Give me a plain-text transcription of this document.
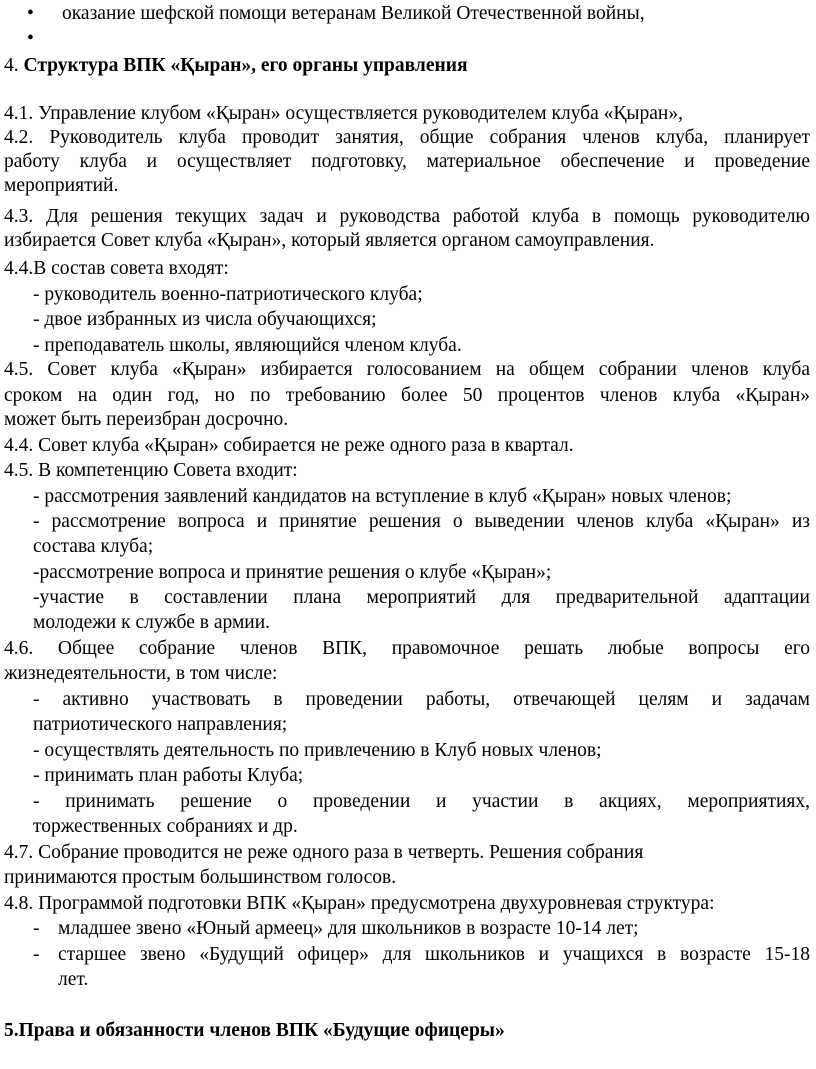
• оказание шефской помощи ветеранам Великой Отечественной войны,
•
4. Структура ВПК «Қыран», его органы управления
4.1. Управление клубом «Қыран» осуществляется руководителем клуба «Қыран»,
4.2. Руководитель клуба проводит занятия, общие собрания членов клуба, планирует
работу клуба и осуществляет подготовку, материальное обеспечение и проведение
мероприятий.
4.3. Для решения текущих задач и руководства работой клуба в помощь руководителю
избирается Совет клуба «Қыран», который является органом самоуправления.
4.4.В состав совета входят:
- руководитель военно-патриотического клуба;
- двое избранных из числа обучающихся;
- преподаватель школы, являющийся членом клуба.
4.5. Совет клуба «Қыран» избирается голосованием на общем собрании членов клуба
сроком на один год, но по требованию более 50 процентов членов клуба «Қыран»
может быть переизбран досрочно.
4.4. Совет клуба «Қыран» собирается не реже одного раза в квартал.
4.5. В компетенцию Совета входит:
- рассмотрения заявлений кандидатов на вступление в клуб «Қыран» новых членов;
- рассмотрение вопроса и принятие решения о выведении членов клуба «Қыран» из
состава клуба;
-рассмотрение вопроса и принятие решения о клубе «Қыран»;
-участие в составлении плана мероприятий для предварительной адаптации
молодежи к службе в армии.
4.6. Общее собрание членов ВПК, правомочное решать любые вопросы его
жизнедеятельности, в том числе:
- активно участвовать в проведении работы, отвечающей целям и задачам
патриотического направления;
- осуществлять деятельность по привлечению в Клуб новых членов;
- принимать план работы Клуба;
- принимать решение о проведении и участии в акциях, мероприятиях,
торжественных собраниях и др.
4.7. Собрание проводится не реже одного раза в четверть. Решения собрания
принимаются простым большинством голосов.
4.8. Программой подготовки ВПК «Қыран» предусмотрена двухуровневая структура:
- младшее звено «Юный армеец» для школьников в возрасте 10-14 лет;
- старшее звено «Будущий офицер» для школьников и учащихся в возрасте 15-18
лет.
5.Права и обязанности членов ВПК «Будущие офицеры»
